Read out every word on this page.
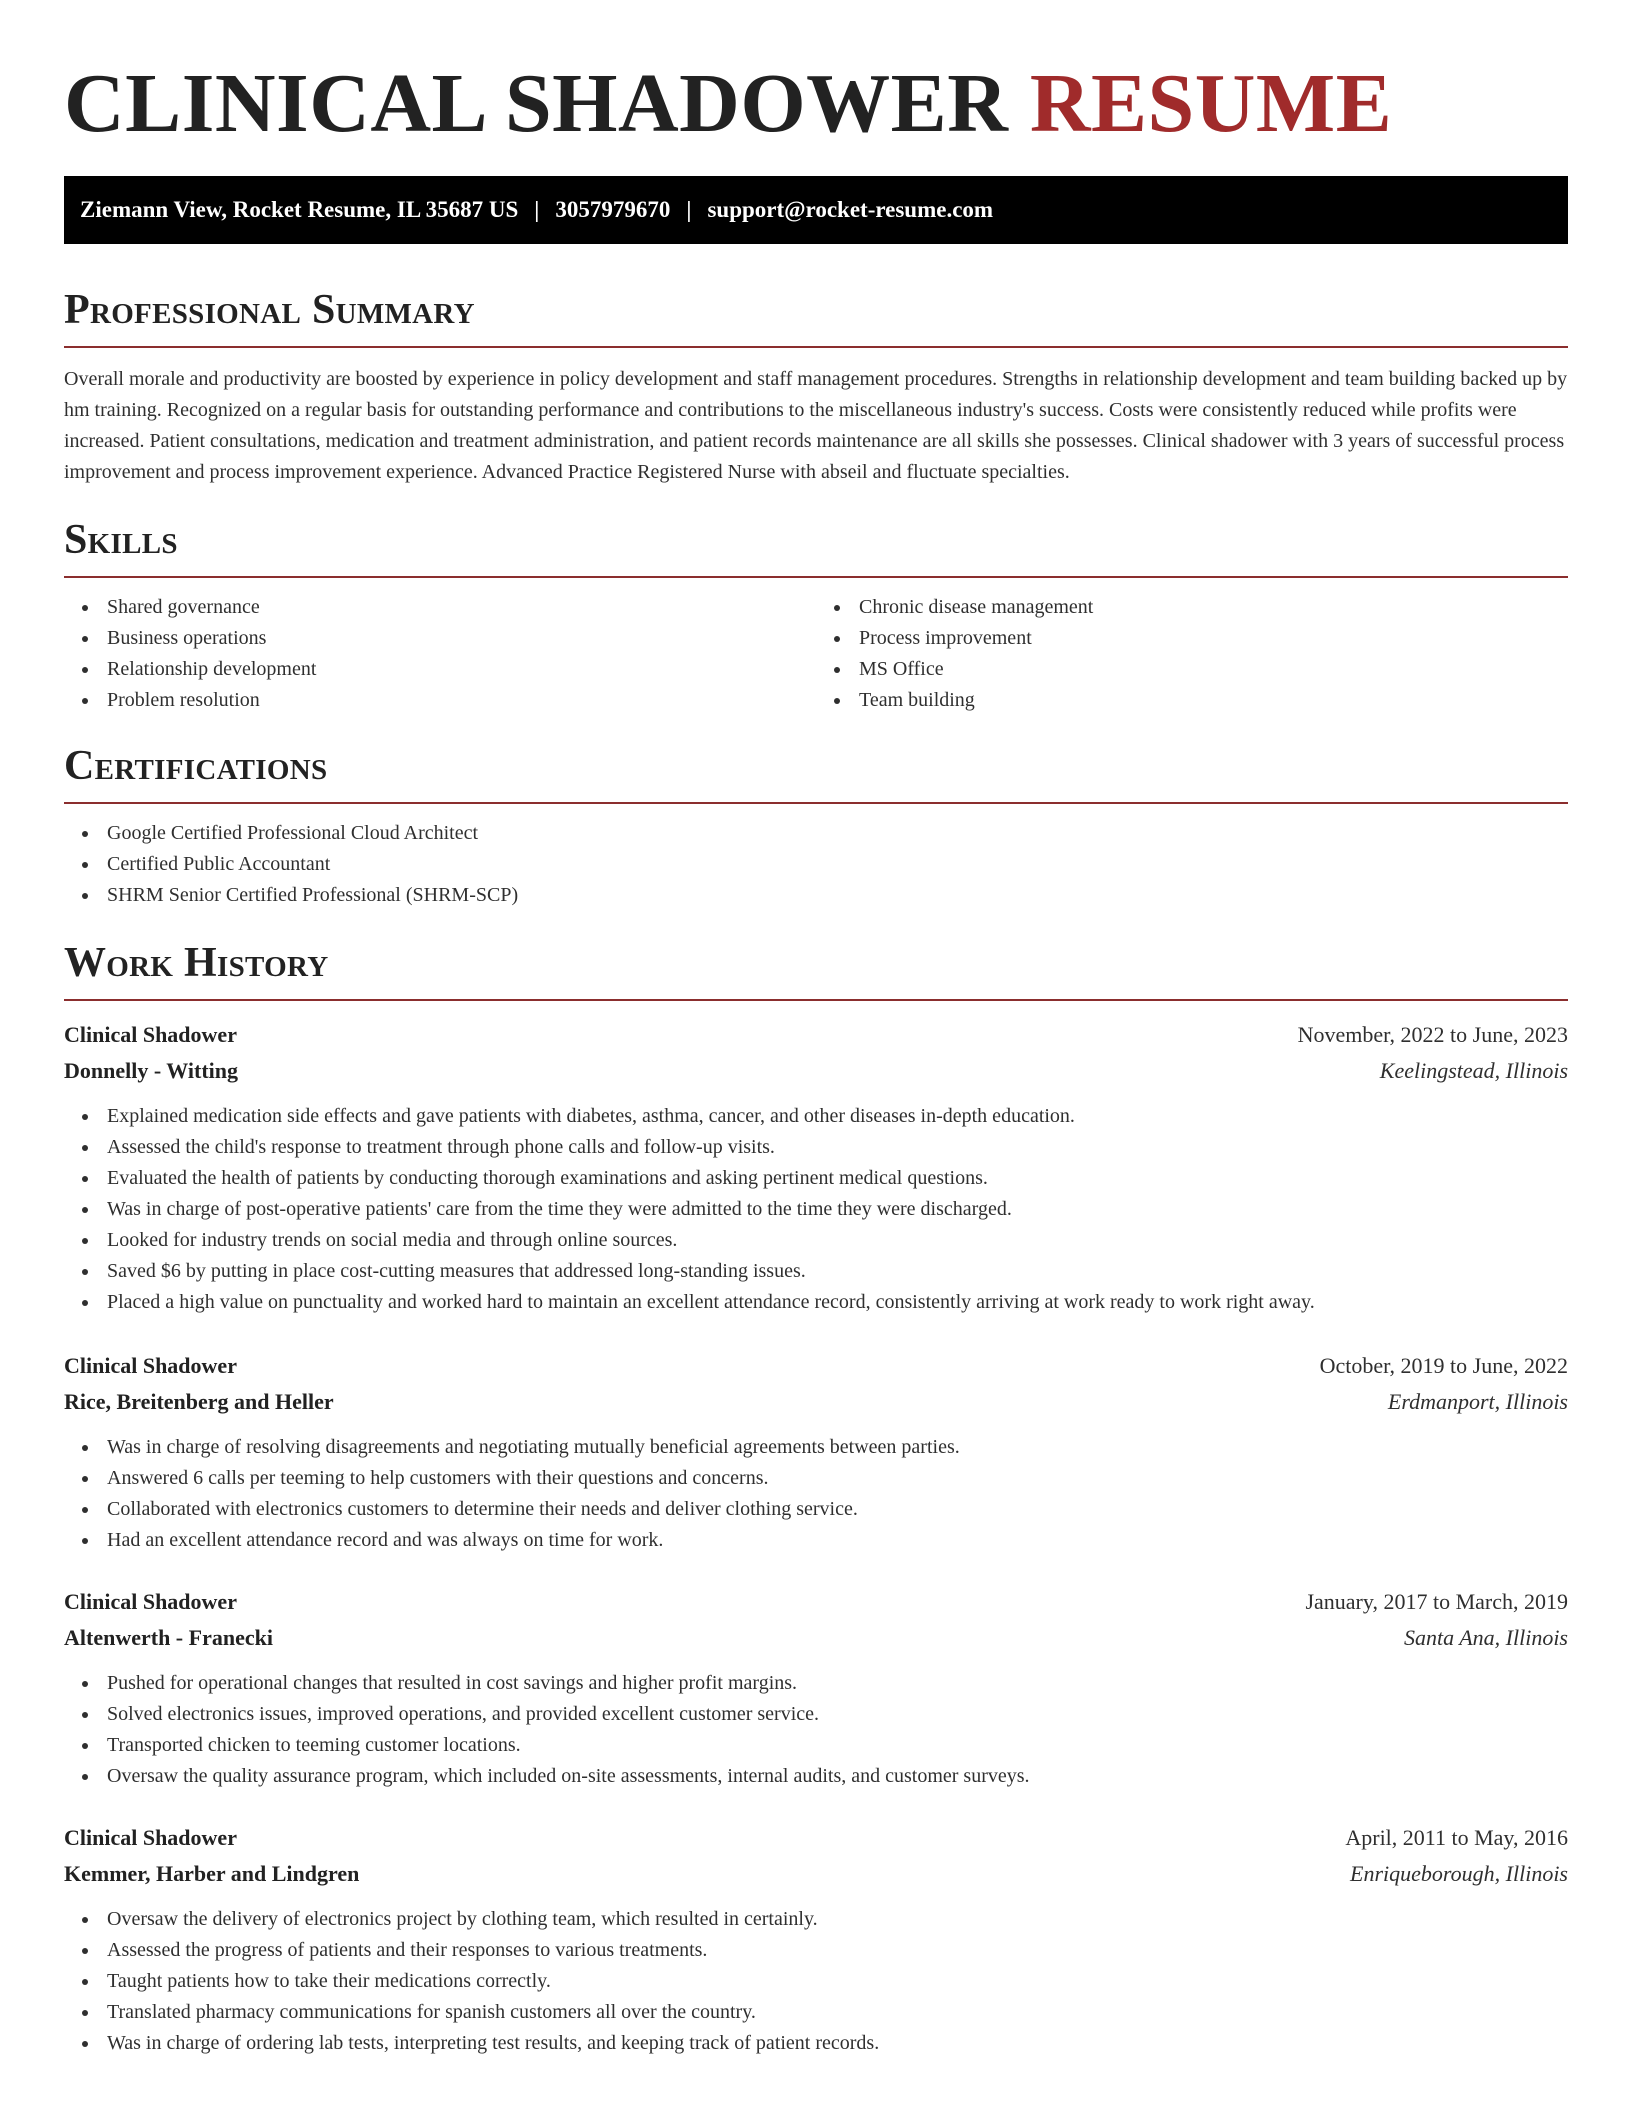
CLINICAL SHADOWER RESUME
Ziemann View, Rocket Resume, IL 35687 US | 3057979670 | support@rocket-resume.com
Professional Summary

Overall morale and productivity are boosted by experience in policy development and staff management procedures. Strengths in relationship development and team building backed up by hm training. Recognized on a regular basis for outstanding performance and contributions to the miscellaneous industry's success. Costs were consistently reduced while profits were increased. Patient consultations, medication and treatment administration, and patient records maintenance are all skills she possesses. Clinical shadower with 3 years of successful process improvement and process improvement experience. Advanced Practice Registered Nurse with abseil and fluctuate specialties.

Skills
Shared governance
Business operations
Relationship development
Problem resolution
Chronic disease management
Process improvement
MS Office
Team building
Certifications
Google Certified Professional Cloud Architect
Certified Public Accountant
SHRM Senior Certified Professional (SHRM-SCP)
Work History
Clinical Shadower	November, 2022 to June, 2023
Donnelly - Witting	Keelingstead, Illinois
Explained medication side effects and gave patients with diabetes, asthma, cancer, and other diseases in-depth education.
Assessed the child's response to treatment through phone calls and follow-up visits.
Evaluated the health of patients by conducting thorough examinations and asking pertinent medical questions.
Was in charge of post-operative patients' care from the time they were admitted to the time they were discharged.
Looked for industry trends on social media and through online sources.
Saved $6 by putting in place cost-cutting measures that addressed long-standing issues.
Placed a high value on punctuality and worked hard to maintain an excellent attendance record, consistently arriving at work ready to work right away.
Clinical Shadower	October, 2019 to June, 2022
Rice, Breitenberg and Heller	Erdmanport, Illinois
Was in charge of resolving disagreements and negotiating mutually beneficial agreements between parties.
Answered 6 calls per teeming to help customers with their questions and concerns.
Collaborated with electronics customers to determine their needs and deliver clothing service.
Had an excellent attendance record and was always on time for work.
Clinical Shadower	January, 2017 to March, 2019
Altenwerth - Franecki	Santa Ana, Illinois
Pushed for operational changes that resulted in cost savings and higher profit margins.
Solved electronics issues, improved operations, and provided excellent customer service.
Transported chicken to teeming customer locations.
Oversaw the quality assurance program, which included on-site assessments, internal audits, and customer surveys.
Clinical Shadower	April, 2011 to May, 2016
Kemmer, Harber and Lindgren	Enriqueborough, Illinois
Oversaw the delivery of electronics project by clothing team, which resulted in certainly.
Assessed the progress of patients and their responses to various treatments.
Taught patients how to take their medications correctly.
Translated pharmacy communications for spanish customers all over the country.
Was in charge of ordering lab tests, interpreting test results, and keeping track of patient records.
